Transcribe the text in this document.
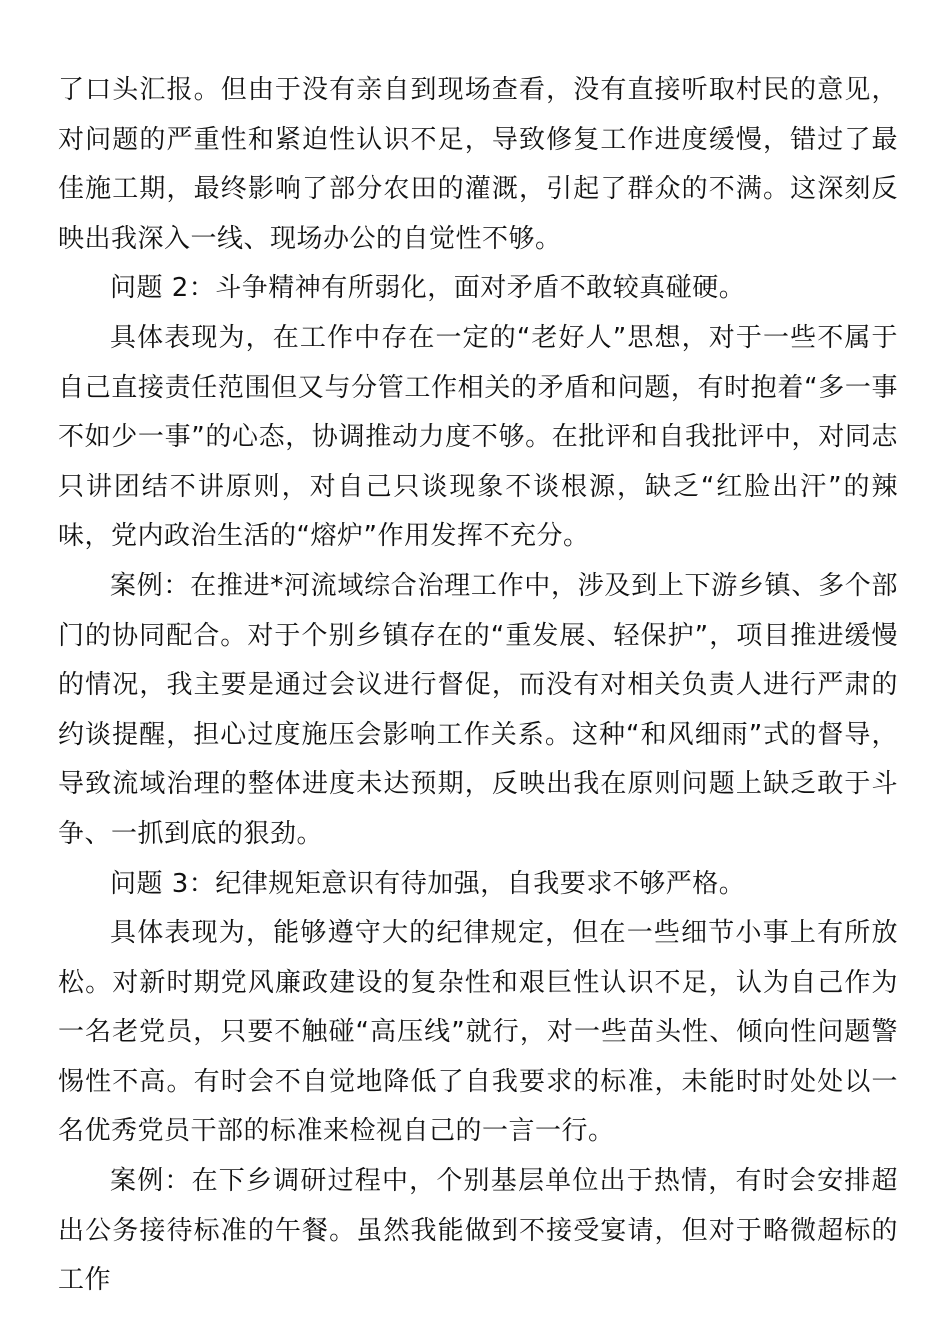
了口头汇报。但由于没有亲自到现场查看，没有直接听取村民的意见，对问题的严重性和紧迫性认识不足，导致修复工作进度缓慢，错过了最佳施工期，最终影响了部分农田的灌溉，引起了群众的不满。这深刻反映出我深入一线、现场办公的自觉性不够。

问题 2：斗争精神有所弱化，面对矛盾不敢较真碰硬。

具体表现为，在工作中存在一定的“老好人”思想，对于一些不属于自己直接责任范围但又与分管工作相关的矛盾和问题，有时抱着“多一事不如少一事”的心态，协调推动力度不够。在批评和自我批评中，对同志只讲团结不讲原则，对自己只谈现象不谈根源，缺乏“红脸出汗”的辣味，党内政治生活的“熔炉”作用发挥不充分。

案例：在推进*河流域综合治理工作中，涉及到上下游乡镇、多个部门的协同配合。对于个别乡镇存在的“重发展、轻保护”，项目推进缓慢的情况，我主要是通过会议进行督促，而没有对相关负责人进行严肃的约谈提醒，担心过度施压会影响工作关系。这种“和风细雨”式的督导，导致流域治理的整体进度未达预期，反映出我在原则问题上缺乏敢于斗争、一抓到底的狠劲。

问题 3：纪律规矩意识有待加强，自我要求不够严格。

具体表现为，能够遵守大的纪律规定，但在一些细节小事上有所放松。对新时期党风廉政建设的复杂性和艰巨性认识不足，认为自己作为一名老党员，只要不触碰“高压线”就行，对一些苗头性、倾向性问题警惕性不高。有时会不自觉地降低了自我要求的标准，未能时时处处以一名优秀党员干部的标准来检视自己的一言一行。

案例：在下乡调研过程中，个别基层单位出于热情，有时会安排超出公务接待标准的午餐。虽然我能做到不接受宴请，但对于略微超标的工作
